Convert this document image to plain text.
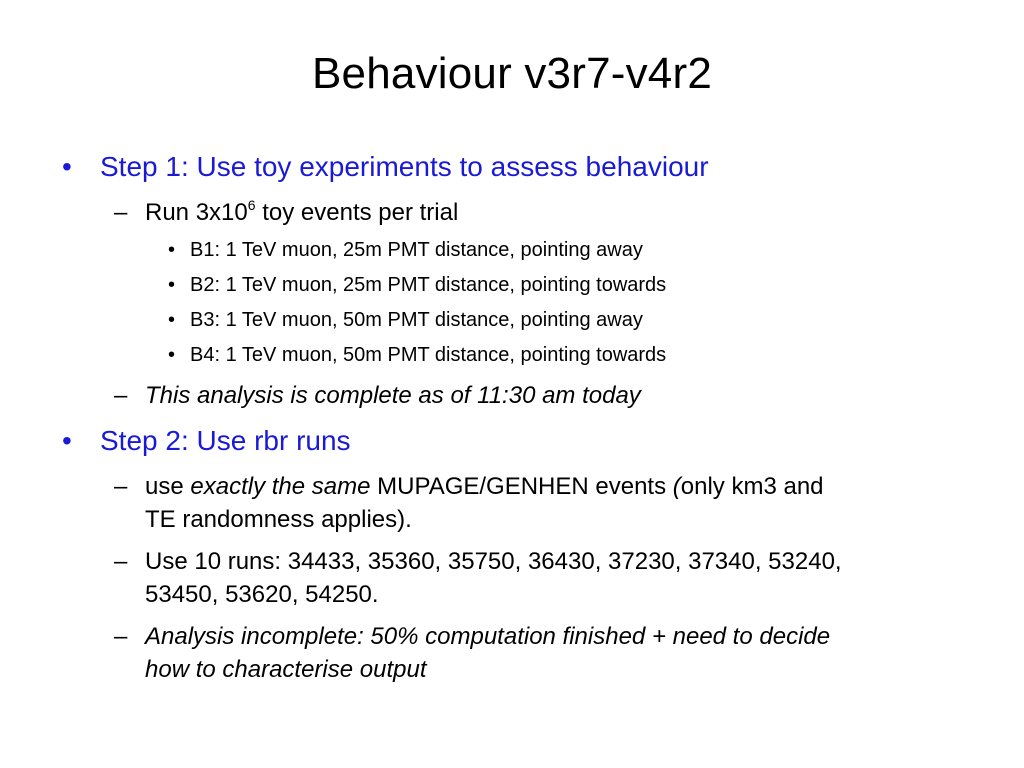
Behaviour v3r7-v4r2
• Step 1: Use toy experiments to assess behaviour
– Run $3x10^6$ toy events per trial
• B1: 1 TeV muon, 25m PMT distance, pointing away
• B2: 1 TeV muon, 25m PMT distance, pointing towards
• B3: 1 TeV muon, 50m PMT distance, pointing away
• B4: 1 TeV muon, 50m PMT distance, pointing towards
– This analysis is complete as of 11:30 am today
• Step 2: Use rbr runs
– use exactly the same MUPAGE/GENHEN events (only km3 and
TE randomness applies).
– Use 10 runs: 34433, 35360, 35750, 36430, 37230, 37340, 53240,
53450, 53620, 54250.
– Analysis incomplete: 50% computation finished + need to decide
how to characterise output
